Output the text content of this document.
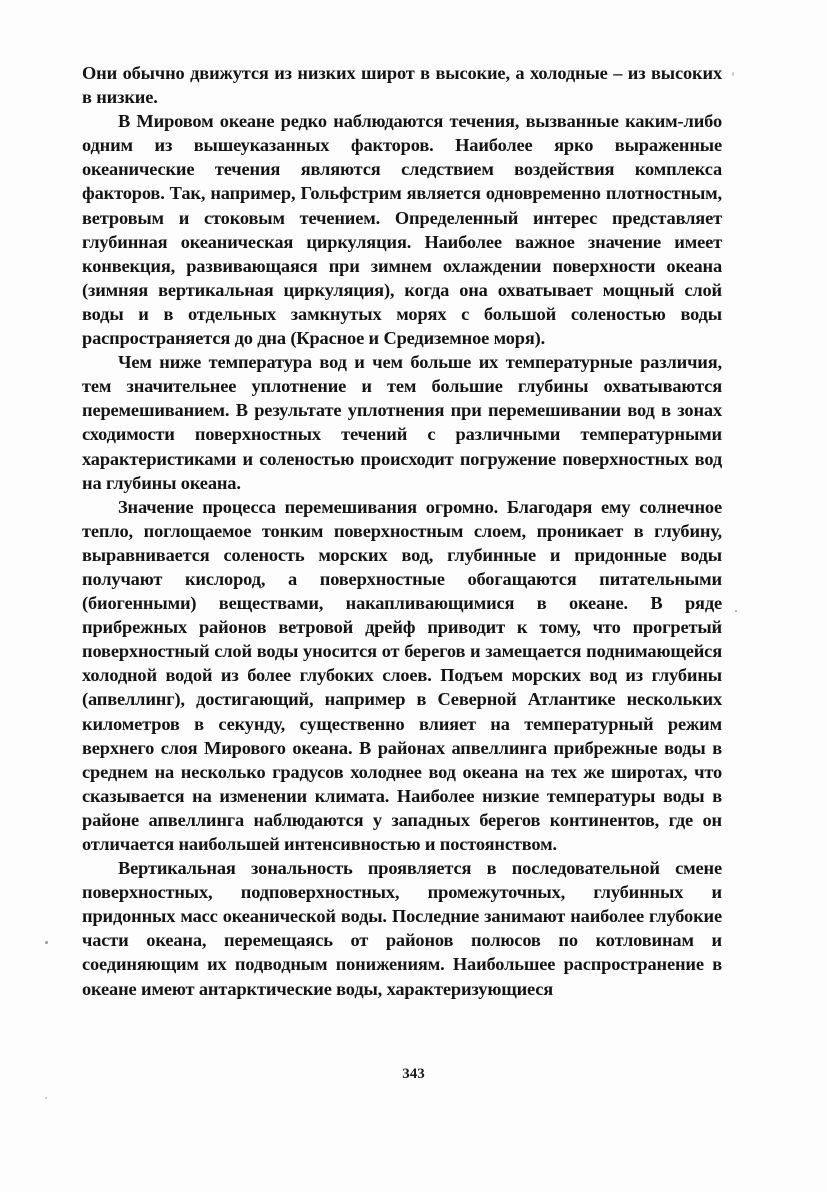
Они обычно движутся из низких широт в высокие, а холодные – из высоких в низкие.

В Мировом океане редко наблюдаются течения, вызванные каким-либо одним из вышеуказанных факторов. Наиболее ярко выраженные океанические течения являются следствием воздействия комплекса факторов. Так, например, Гольфстрим является одновременно плотностным, ветровым и стоковым течением. Определенный интерес представляет глубинная океаническая циркуляция. Наиболее важное значение имеет конвекция, развивающаяся при зимнем охлаждении поверхности океана (зимняя вертикальная циркуляция), когда она охватывает мощный слой воды и в отдельных замкнутых морях с большой соленостью воды распространяется до дна (Красное и Средиземное моря).

Чем ниже температура вод и чем больше их температурные различия, тем значительнее уплотнение и тем большие глубины охватываются перемешиванием. В результате уплотнения при перемешивании вод в зонах сходимости поверхностных течений с различными температурными характеристиками и соленостью происходит погружение поверхностных вод на глубины океана.

Значение процесса перемешивания огромно. Благодаря ему солнечное тепло, поглощаемое тонким поверхностным слоем, проникает в глубину, выравнивается соленость морских вод, глубинные и придонные воды получают кислород, а поверхностные обогащаются питательными (биогенными) веществами, накапливающимися в океане. В ряде прибрежных районов ветровой дрейф приводит к тому, что прогретый поверхностный слой воды уносится от берегов и замещается поднимающейся холодной водой из более глубоких слоев. Подъем морских вод из глубины (апвеллинг), достигающий, например в Северной Атлантике нескольких километров в секунду, существенно влияет на температурный режим верхнего слоя Мирового океана. В районах апвеллинга прибрежные воды в среднем на несколько градусов холоднее вод океана на тех же широтах, что сказывается на изменении климата. Наиболее низкие температуры воды в районе апвеллинга наблюдаются у западных берегов континентов, где он отличается наибольшей интенсивностью и постоянством.

Вертикальная зональность проявляется в последовательной смене поверхностных, подповерхностных, промежуточных, глубинных и придонных масс океанической воды. Последние занимают наиболее глубокие части океана, перемещаясь от районов полюсов по котловинам и соединяющим их подводным понижениям. Наибольшее распространение в океане имеют антарктические воды, характеризующиеся

343
